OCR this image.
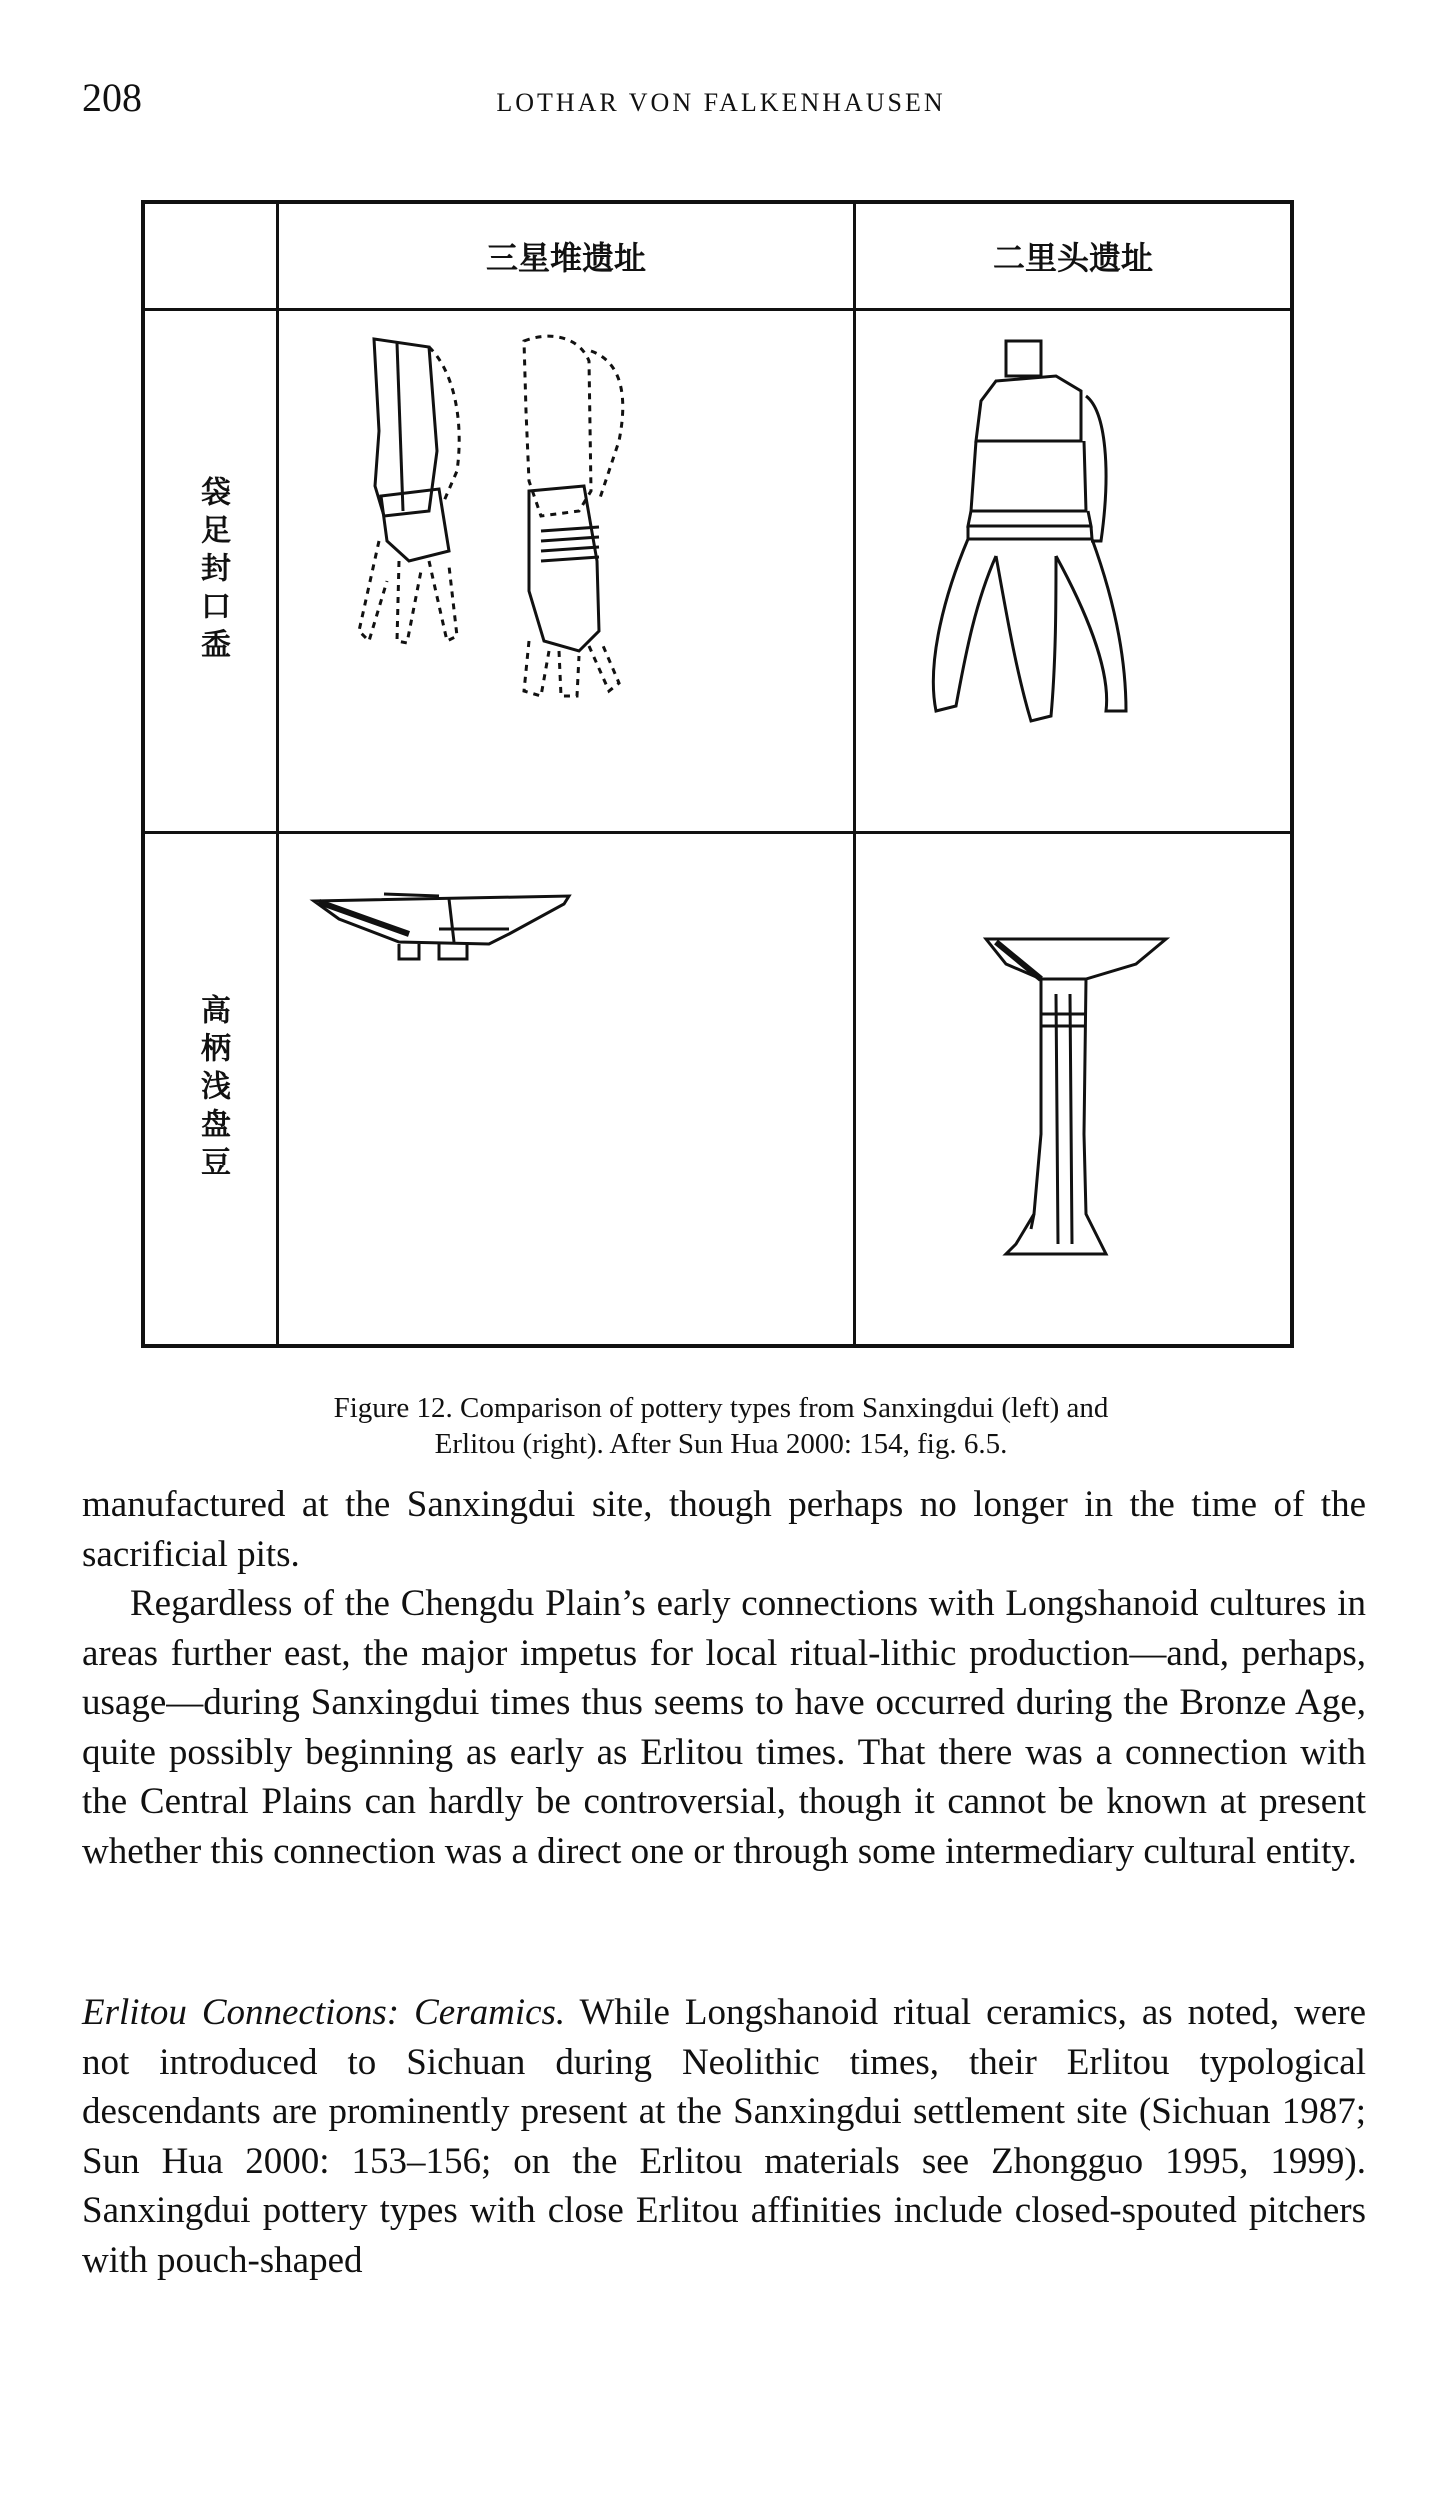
208	LOTHAR VON FALKENHAUSEN
三星堆遗址	二里头遗址
袋足封口盉
高柄浅盘豆
Figure 12. Comparison of pottery types from Sanxingdui (left) and
Erlitou (right). After Sun Hua 2000: 154, fig. 6.5.
manufactured at the Sanxingdui site, though perhaps no longer in the time of the sacrificial pits.
Regardless of the Chengdu Plain’s early connections with Longshanoid cultures in areas further east, the major impetus for local ritual-lithic production—and, perhaps, usage—during Sanxingdui times thus seems to have occurred during the Bronze Age, quite possibly beginning as early as Erlitou times. That there was a connection with the Central Plains can hardly be controversial, though it cannot be known at present whether this connection was a direct one or through some intermediary cultural entity.
Erlitou Connections: Ceramics. While Longshanoid ritual ceramics, as noted, were not introduced to Sichuan during Neolithic times, their Erlitou typological descendants are prominently present at the Sanxingdui settlement site (Sichuan 1987; Sun Hua 2000: 153–156; on the Erlitou materials see Zhongguo 1995, 1999). Sanxingdui pottery types with close Erlitou affinities include closed-spouted pitchers with pouch-shaped
